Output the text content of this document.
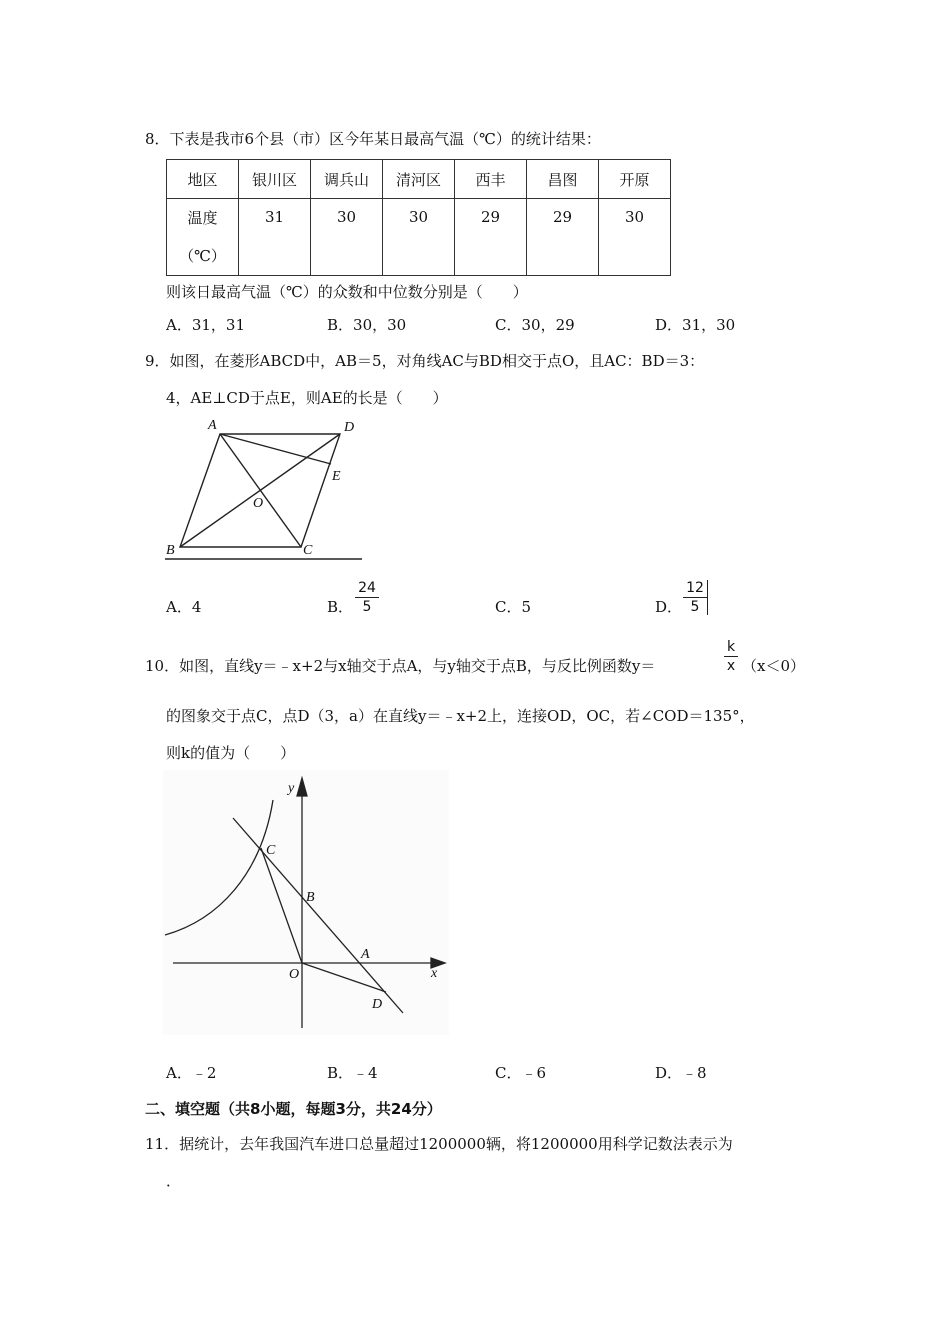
8．下表是我市6个县（市）区今年某日最高气温（℃）的统计结果：
地区	银川区	调兵山	清河区	西丰	昌图	开原

温度
（℃）	31	30	30	29	29	30
则该日最高气温（℃）的众数和中位数分别是（　　）
A．31，31	B．30，30	C．30，29	D．31，30
9．如图，在菱形ABCD中，AB＝5，对角线AC与BD相交于点O，且AC：BD＝3：
4，AE⊥CD于点E，则AE的长是（　　）
A	D
E
O
B	C
A．4	B．
24
5	C．5	D．
12
5
10．如图，直线y＝﹣x+2与x轴交于点A，与y轴交于点B，与反比例函数y＝
k
x （x＜0）
的图象交于点C，点D（3，a）在直线y＝﹣x+2上，连接OD，OC，若∠COD＝135°，
则k的值为（　　）
y
C
B
A
O	x
D
A．﹣2	B．﹣4	C．﹣6	D．﹣8
二、填空题（共8小题，每题3分，共24分）
11．据统计，去年我国汽车进口总量超过1200000辆，将1200000用科学记数法表示为
．
